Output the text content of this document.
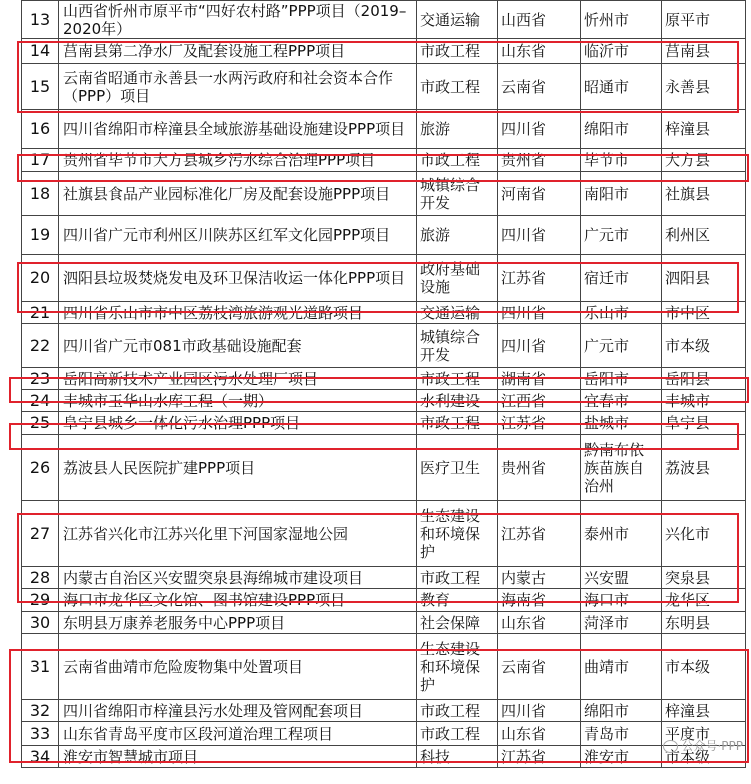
13	山西省忻州市原平市“四好农村路”PPP项目（2019–2020年）	交通运输	山西省	忻州市	原平市
14	莒南县第二净水厂及配套设施工程PPP项目	市政工程	山东省	临沂市	莒南县
15	云南省昭通市永善县一水两污政府和社会资本合作（PPP）项目	市政工程	云南省	昭通市	永善县
16	四川省绵阳市梓潼县全域旅游基础设施建设PPP项目	旅游	四川省	绵阳市	梓潼县
17	贵州省毕节市大方县城乡污水综合治理PPP项目	市政工程	贵州省	毕节市	大方县
18	社旗县食品产业园标准化厂房及配套设施PPP项目	城镇综合开发	河南省	南阳市	社旗县
19	四川省广元市利州区川陕苏区红军文化园PPP项目	旅游	四川省	广元市	利州区
20	泗阳县垃圾焚烧发电及环卫保洁收运一体化PPP项目	政府基础设施	江苏省	宿迁市	泗阳县
21	四川省乐山市市中区荔枝湾旅游观光道路项目	交通运输	四川省	乐山市	市中区
22	四川省广元市081市政基础设施配套	城镇综合开发	四川省	广元市	市本级
23	岳阳高新技术产业园区污水处理厂项目	市政工程	湖南省	岳阳市	岳阳县
24	丰城市玉华山水库工程（一期）	水利建设	江西省	宜春市	丰城市
25	阜宁县城乡一体化污水治理PPP项目	市政工程	江苏省	盐城市	阜宁县
26	荔波县人民医院扩建PPP项目	医疗卫生	贵州省	黔南布依族苗族自治州	荔波县
27	江苏省兴化市江苏兴化里下河国家湿地公园	生态建设和环境保护	江苏省	泰州市	兴化市
28	内蒙古自治区兴安盟突泉县海绵城市建设项目	市政工程	内蒙古	兴安盟	突泉县
29	海口市龙华区文化馆、图书馆建设PPP项目	教育	海南省	海口市	龙华区
30	东明县万康养老服务中心PPP项目	社会保障	山东省	菏泽市	东明县
31	云南省曲靖市危险废物集中处置项目	生态建设和环境保护	云南省	曲靖市	市本级
32	四川省绵阳市梓潼县污水处理及管网配套项目	市政工程	四川省	绵阳市	梓潼县
33	山东省青岛平度市区段河道治理工程项目	市政工程	山东省	青岛市	平度市
34	淮安市智慧城市项目	科技	江苏省	淮安市	市本级
公众号·PPP
